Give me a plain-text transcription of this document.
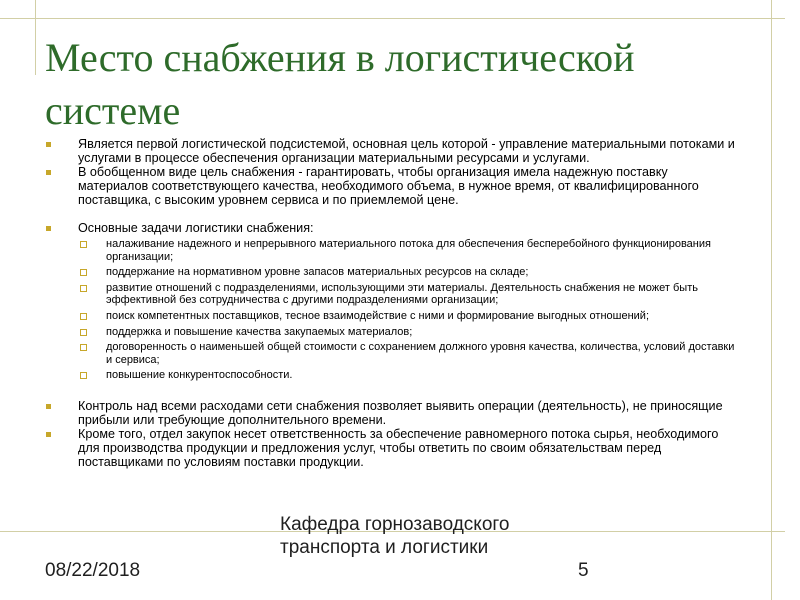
Место снабжения в логистической системе

Является первой логистической подсистемой, основная цель которой - управление материальными потоками и услугами в процессе обеспечения организации материальными ресурсами и услугами.

В обобщенном виде цель снабжения - гарантировать, чтобы организация имела надежную поставку материалов соответствующего качества, необходимого объема, в нужное время, от квалифицированного поставщика, с высоким уровнем сервиса и по приемлемой цене.

Основные задачи логистики снабжения:

налаживание надежного и непрерывного материального потока для обеспечения бесперебойного функционирования организации;
поддержание на нормативном уровне запасов материальных ресурсов на складе;
развитие отношений с подразделениями, использующими эти материалы. Деятельность снабжения не может быть эффективной без сотрудничества с другими подразделениями организации;
поиск компетентных поставщиков, тесное взаимодействие с ними и формирование выгодных отношений;
поддержка и повышение качества закупаемых материалов;
договоренность о наименьшей общей стоимости с сохранением должного уровня качества, количества, условий доставки и сервиса;
повышение конкурентоспособности.

Контроль над всеми расходами сети снабжения позволяет выявить операции (деятельность), не приносящие прибыли или требующие дополнительного времени.

Кроме того, отдел закупок несет ответственность за обеспечение равномерного потока сырья, необходимого для производства продукции и предложения услуг, чтобы ответить по своим обязательствам перед поставщиками по условиям поставки продукции.

08/22/2018
Кафедра горнозаводского транспорта и логистики
5
